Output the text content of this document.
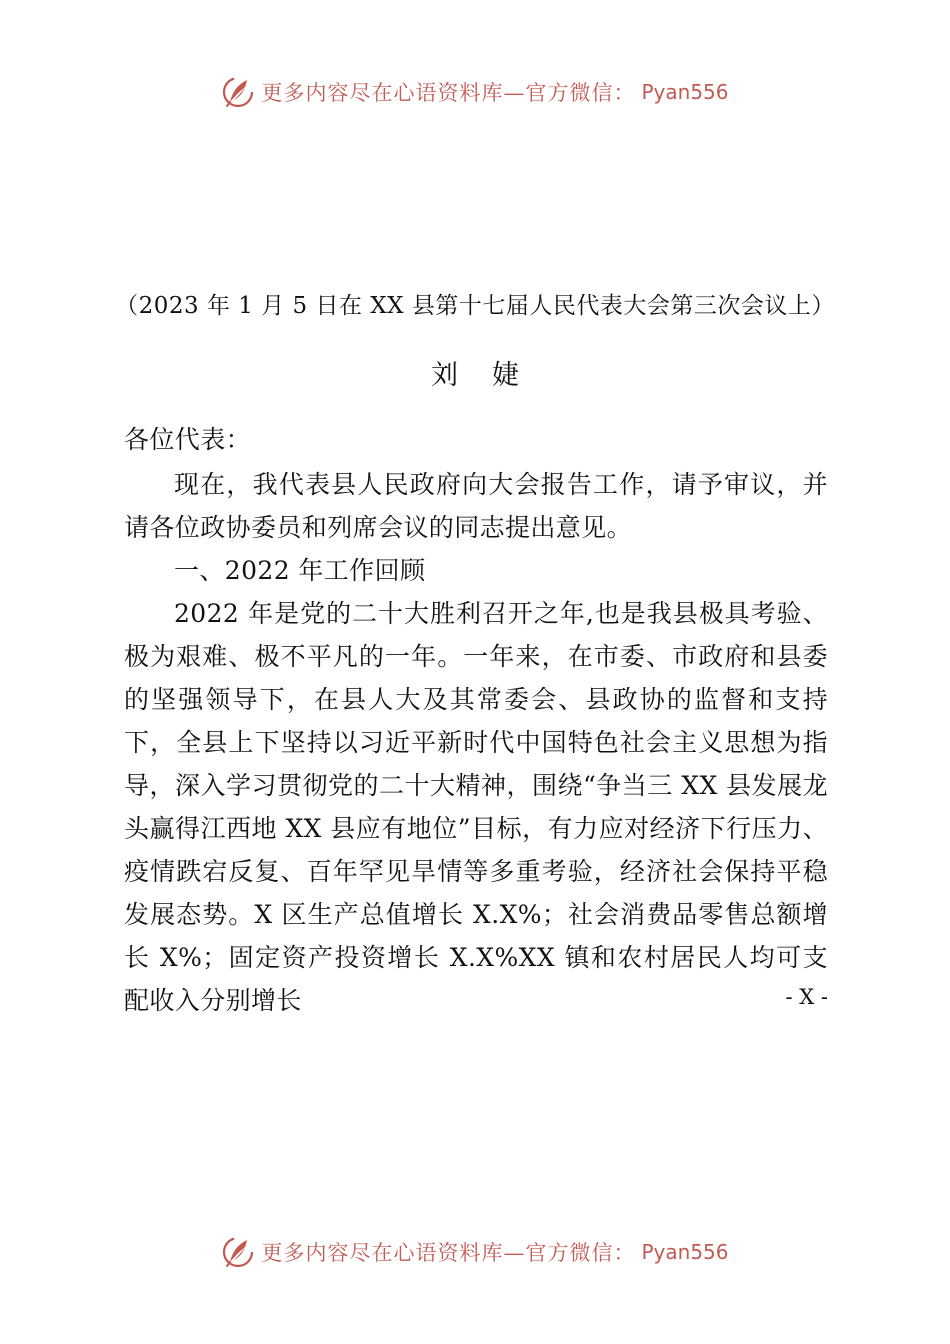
更多内容尽在心语资料库—官方微信： Pyan556
（2023 年 1 月 5 日在 XX 县第十七届人民代表大会第三次会议上）
刘婕

各位代表：

现在，我代表县人民政府向大会报告工作，请予审议，并请各位政协委员和列席会议的同志提出意见。

一、2022 年工作回顾

2022 年是党的二十大胜利召开之年,也是我县极具考验、极为艰难、极不平凡的一年。一年来，在市委、市政府和县委的坚强领导下，在县人大及其常委会、县政协的监督和支持下，全县上下坚持以习近平新时代中国特色社会主义思想为指导，深入学习贯彻党的二十大精神，围绕“争当三 XX 县发展龙头赢得江西地 XX 县应有地位”目标，有力应对经济下行压力、疫情跌宕反复、百年罕见旱情等多重考验，经济社会保持平稳发展态势。X 区生产总值增长 X.X%；社会消费品零售总额增长 X%；固定资产投资增长 X.X%XX 镇和农村居民人均可支配收入分别增长	- X -
更多内容尽在心语资料库—官方微信： Pyan556
